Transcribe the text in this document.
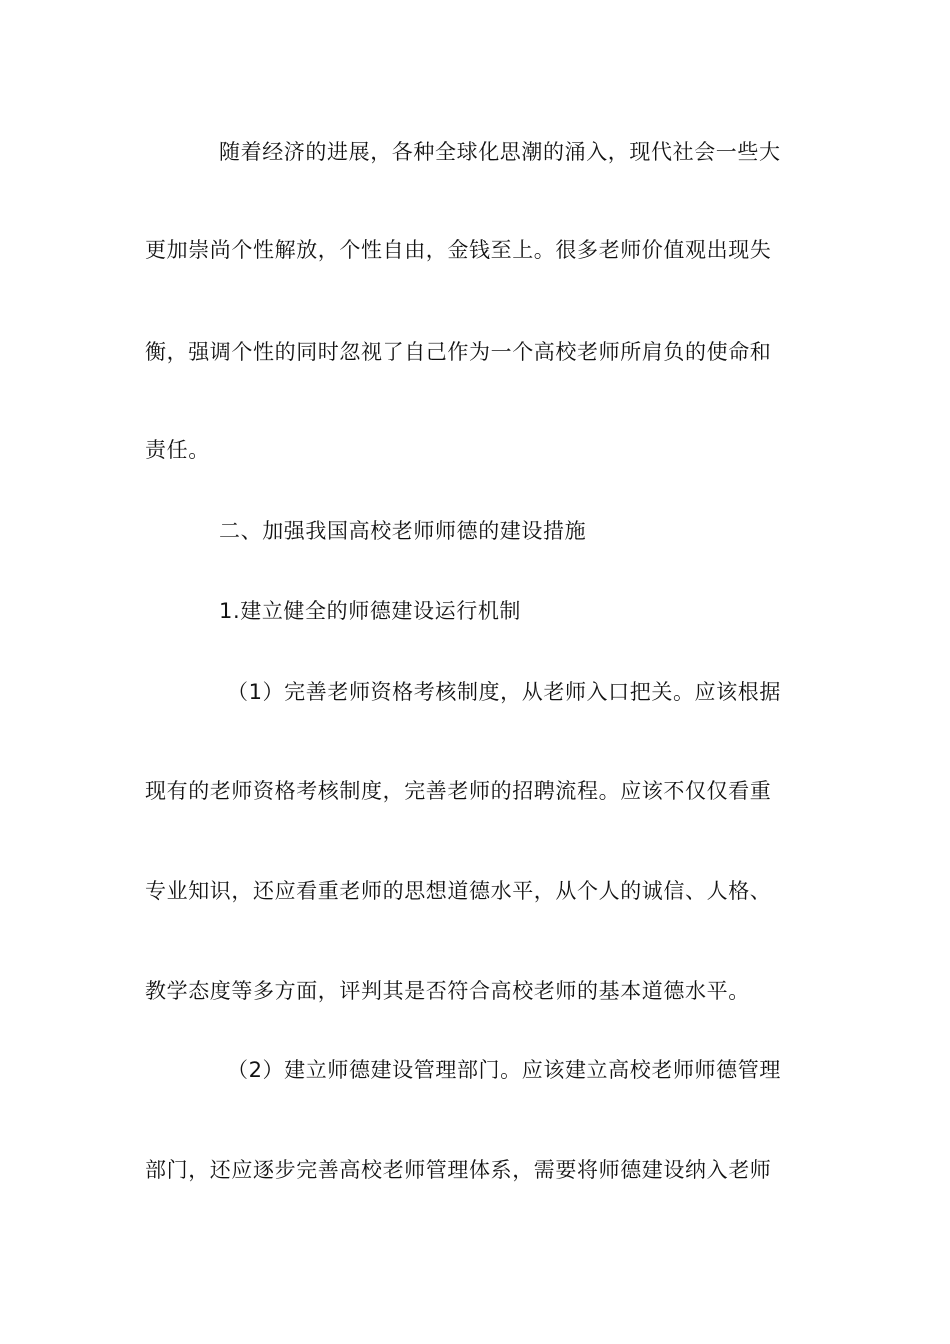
随着经济的进展，各种全球化思潮的涌入，现代社会一些大
更加崇尚个性解放，个性自由，金钱至上。很多老师价值观出现失
衡，强调个性的同时忽视了自己作为一个高校老师所肩负的使命和
责任。
二、加强我国高校老师师德的建设措施
1.建立健全的师德建设运行机制
（1）完善老师资格考核制度，从老师入口把关。应该根据
现有的老师资格考核制度，完善老师的招聘流程。应该不仅仅看重
专业知识，还应看重老师的思想道德水平，从个人的诚信、人格、
教学态度等多方面，评判其是否符合高校老师的基本道德水平。
（2）建立师德建设管理部门。应该建立高校老师师德管理
部门，还应逐步完善高校老师管理体系，需要将师德建设纳入老师
